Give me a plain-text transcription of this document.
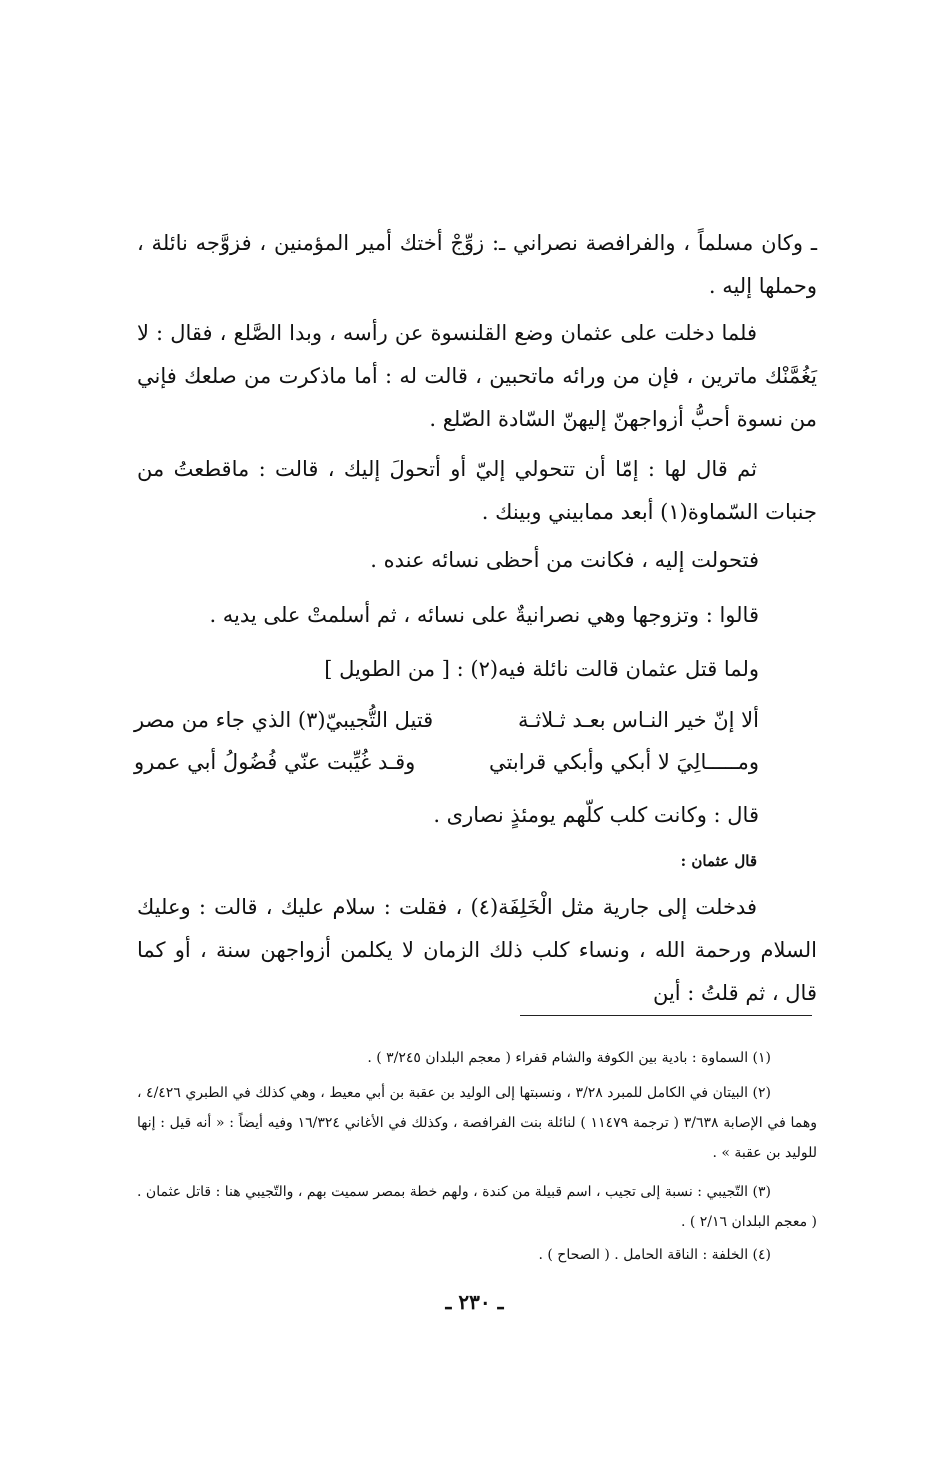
ـ وكان مسلماً ، والفرافصة نصراني ـ: زوِّجْ أختك أمير المؤمنين ، فزوَّجه نائلة ، وحملها إليه .
فلما دخلت على عثمان وضع القلنسوة عن رأسه ، وبدا الصَّلع ، فقال : لا يَغُمَّنْك ماترين ، فإن من ورائه ماتحبين ، قالت له : أما ماذكرت من صلعك فإني من نسوة أحبُّ أزواجهنّ إليهنّ السّادة الصّلع .
ثم قال لها : إمّا أن تتحولي إليّ أو أتحولَ إليك ، قالت : ماقطعتُ من جنبات السّماوة(١) أبعد ممابيني وبينك .
فتحولت إليه ، فكانت من أحظى نسائه عنده .
قالوا : وتزوجها وهي نصرانيةٌ على نسائه ، ثم أسلمتْ على يديه .
ولما قتل عثمان قالت نائلة فيه(٢) : [ من الطويل ]
ألا إنّ خير النـاس بعـد ثـلاثـة
قتيل التُّجيبيّ(٣) الذي جاء من مصر
ومـــــالِيَ لا أبكي وأبكي قرابتي
وقـد غُيِّبت عنّي فُضُولُ أبي عمرو
قال : وكانت كلب كلّهم يومئذٍ نصارى .
قال عثمان :
فدخلت إلى جارية مثل الْخَلِفَة(٤) ، فقلت : سلام عليك ، قالت : وعليك السلام ورحمة الله ، ونساء كلب ذلك الزمان لا يكلمن أزواجهن سنة ، أو كما قال ، ثم قلتُ : أين
(١) السماوة : بادية بين الكوفة والشام قفراء ( معجم البلدان ٣/٢٤٥ ) .
(٢) البيتان في الكامل للمبرد ٣/٢٨ ، ونسبتها إلى الوليد بن عقبة بن أبي معيط ، وهي كذلك في الطبري ٤/٤٢٦ ، وهما في الإصابة ٣/٦٣٨ ( ترجمة ١١٤٧٩ ) لنائلة بنت الفرافصة ، وكذلك في الأغاني ١٦/٣٢٤ وفيه أيضاً : « أنه قيل : إنها للوليد بن عقبة » .
(٣) التّجيبي : نسبة إلى تجيب ، اسم قبيلة من كندة ، ولهم خطة بمصر سميت بهم ، والتّجيبي هنا : قاتل عثمان . ( معجم البلدان ٢/١٦ ) .
(٤) الخلفة : الناقة الحامل . ( الصحاح ) .
ـ ٢٣٠ ـ
